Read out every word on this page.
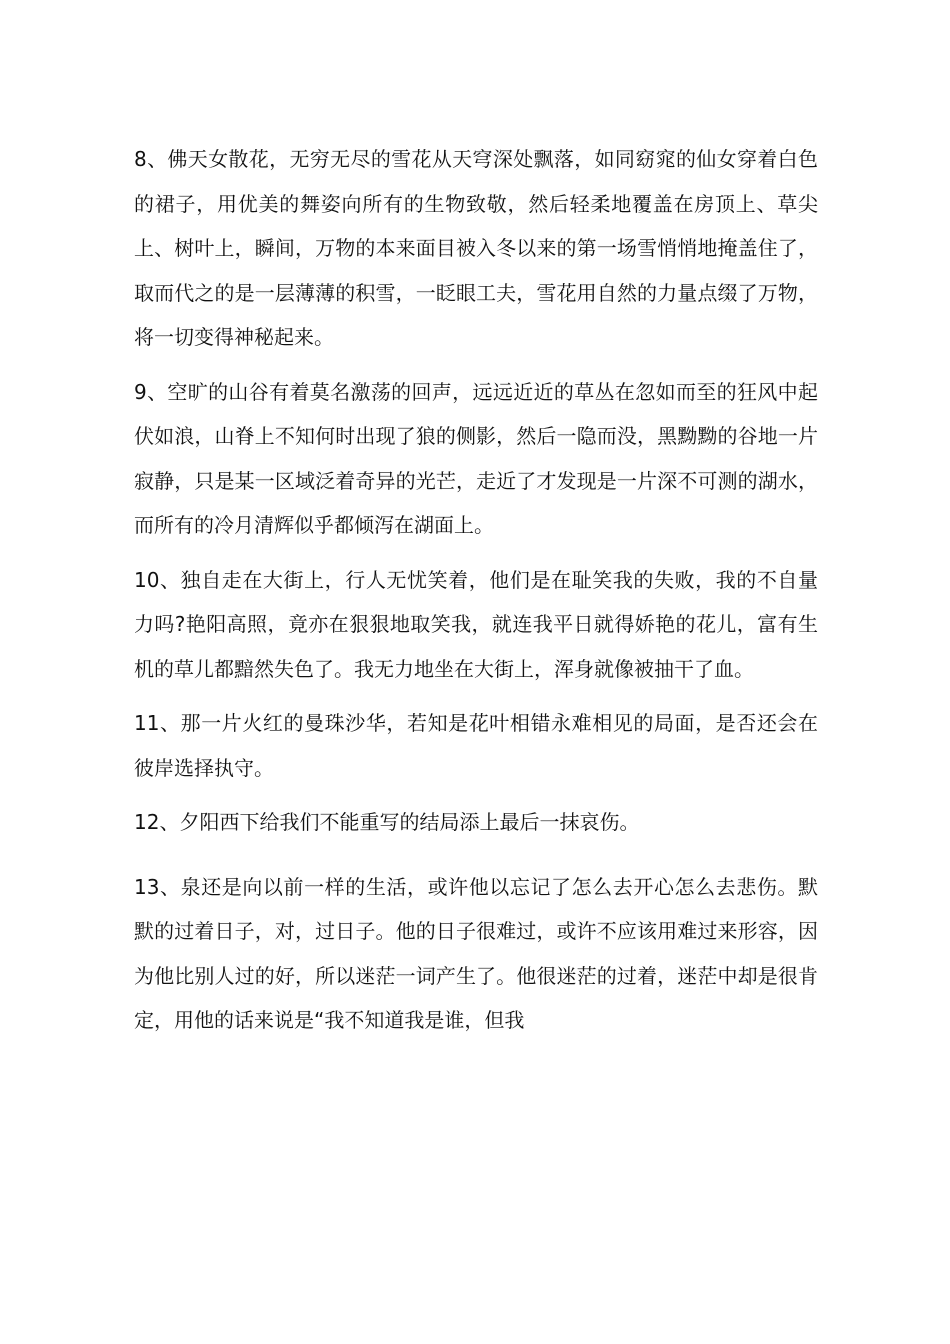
8、佛天女散花，无穷无尽的雪花从天穹深处飘落，如同窈窕的仙女穿着白色的裙子，用优美的舞姿向所有的生物致敬，然后轻柔地覆盖在房顶上、草尖上、树叶上，瞬间，万物的本来面目被入冬以来的第一场雪悄悄地掩盖住了，取而代之的是一层薄薄的积雪，一眨眼工夫，雪花用自然的力量点缀了万物，将一切变得神秘起来。

9、空旷的山谷有着莫名激荡的回声，远远近近的草丛在忽如而至的狂风中起伏如浪，山脊上不知何时出现了狼的侧影，然后一隐而没，黑黝黝的谷地一片寂静，只是某一区域泛着奇异的光芒，走近了才发现是一片深不可测的湖水，而所有的冷月清辉似乎都倾泻在湖面上。

10、独自走在大街上，行人无忧笑着，他们是在耻笑我的失败，我的不自量力吗?艳阳高照，竟亦在狠狠地取笑我，就连我平日就得娇艳的花儿，富有生机的草儿都黯然失色了。我无力地坐在大街上，浑身就像被抽干了血。

11、那一片火红的曼珠沙华，若知是花叶相错永难相见的局面，是否还会在彼岸选择执守。

12、夕阳西下给我们不能重写的结局添上最后一抹哀伤。

13、泉还是向以前一样的生活，或许他以忘记了怎么去开心怎么去悲伤。默默的过着日子，对，过日子。他的日子很难过，或许不应该用难过来形容，因为他比别人过的好，所以迷茫一词产生了。他很迷茫的过着，迷茫中却是很肯定，用他的话来说是“我不知道我是谁，但我
